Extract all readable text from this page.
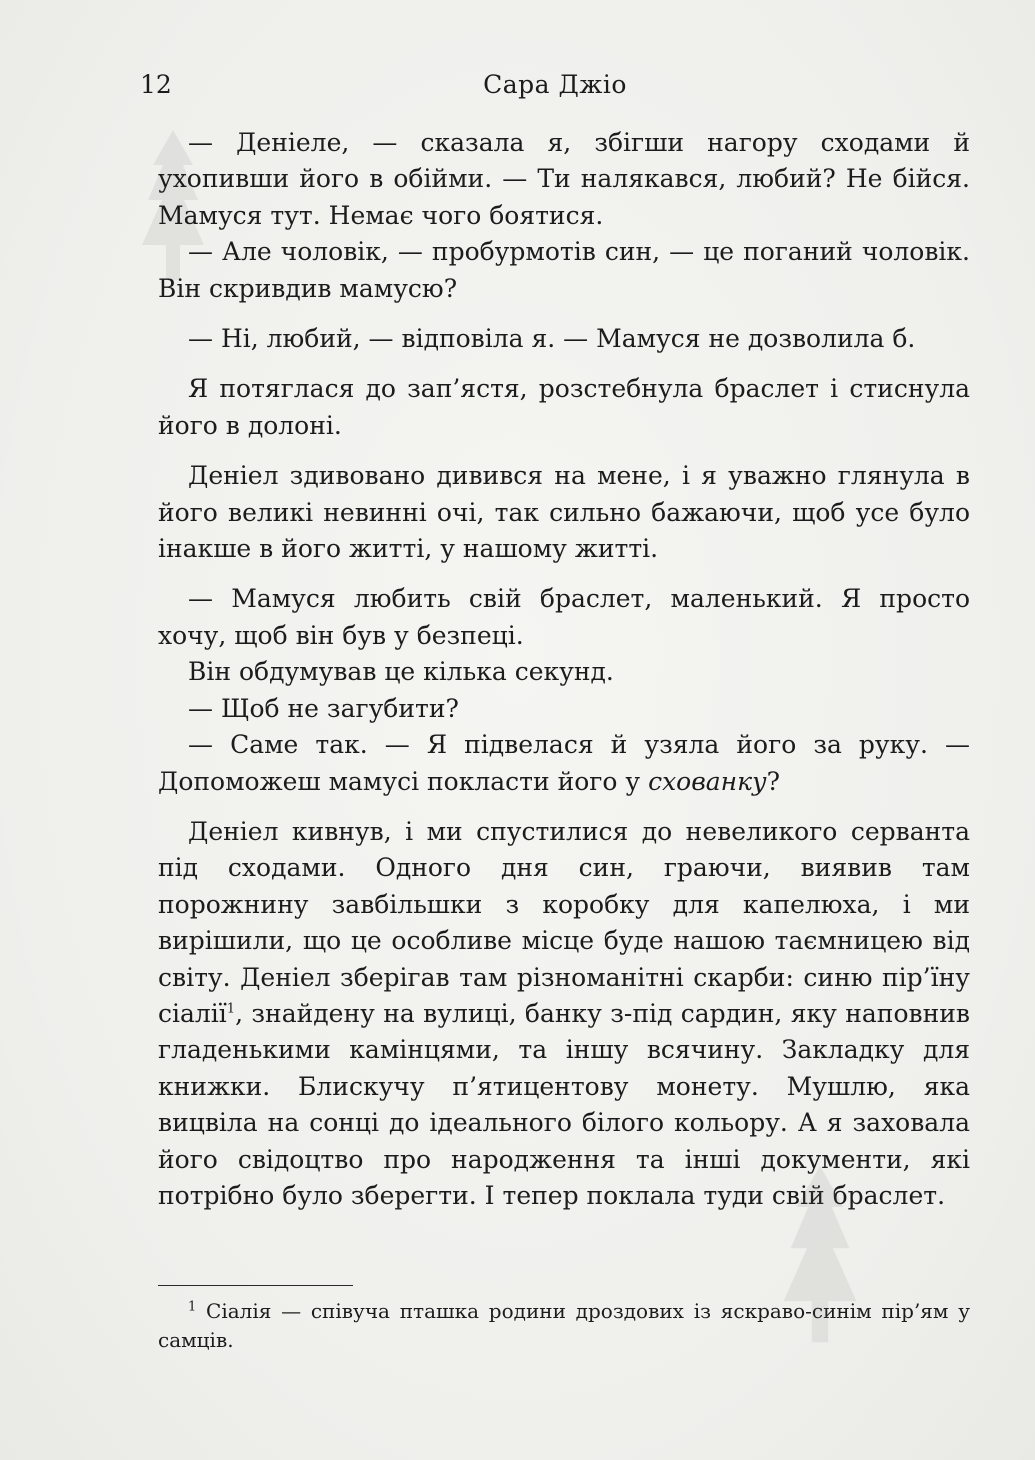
12	Сара Джіо

— Деніеле, — сказала я, збігши нагору сходами й ухопивши його в обійми. — Ти налякався, любий? Не бійся. Мамуся тут. Немає чого боятися.

— Але чоловік, — пробурмотів син, — це поганий чоловік. Він скривдив мамусю?

— Ні, любий, — відповіла я. — Мамуся не дозволила б.

Я потяглася до зап’ястя, розстебнула браслет і стиснула його в долоні.

Деніел здивовано дивився на мене, і я уважно глянула в його великі невинні очі, так сильно бажаючи, щоб усе було інакше в його житті, у нашому житті.

— Мамуся любить свій браслет, маленький. Я просто хочу, щоб він був у безпеці.

Він обдумував це кілька секунд.

— Щоб не загубити?

— Саме так. — Я підвелася й узяла його за руку. — Допоможеш мамусі покласти його у схованку?

Деніел кивнув, і ми спустилися до невеликого серванта під сходами. Одного дня син, граючи, виявив там порожнину завбільшки з коробку для капелюха, і ми вирішили, що це особливе місце буде нашою таємницею від світу. Деніел зберігав там різноманітні скарби: синю пір’їну сіалії$^1$, знайдену на вулиці, банку з-під сардин, яку наповнив гладенькими камінцями, та іншу всячину. Закладку для книжки. Блискучу п’ятицентову монету. Мушлю, яка вицвіла на сонці до ідеального білого кольору. А я заховала його свідоцтво про народження та інші документи, які потрібно було зберегти. І тепер поклала туди свій браслет.

$^1$ Сіалія — співуча пташка родини дроздових із яскраво-синім пір’ям у самців.
